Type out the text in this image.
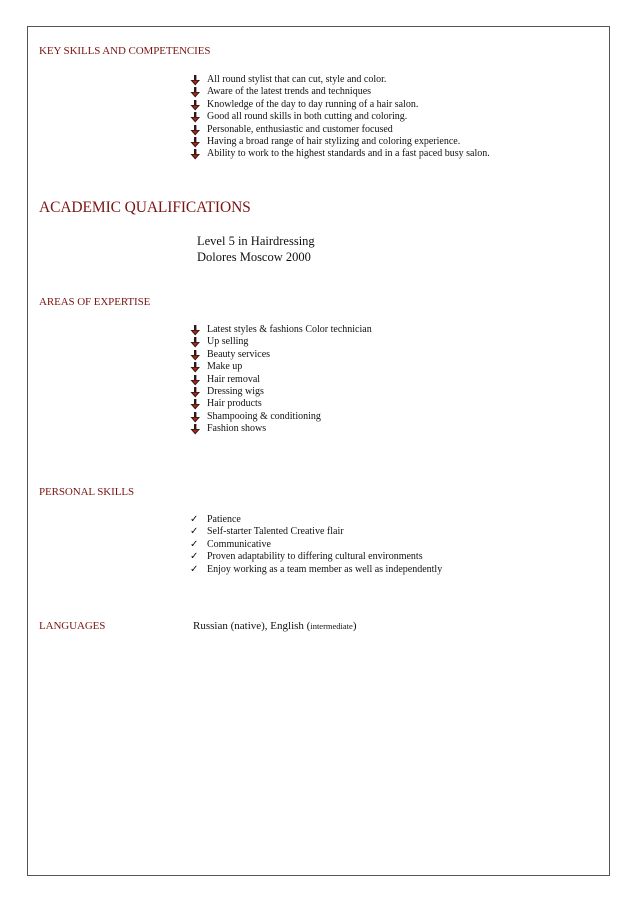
KEY SKILLS AND COMPETENCIES
All round stylist that can cut, style and color.
Aware of the latest trends and techniques
Knowledge of the day to day running of a hair salon.
Good all round skills in both cutting and coloring.
Personable, enthusiastic and customer focused
Having a broad range of hair stylizing and coloring experience.
Ability to work to the highest standards and in a fast paced busy salon.
ACADEMIC QUALIFICATIONS
Level 5 in Hairdressing
Dolores Moscow 2000
AREAS OF EXPERTISE
Latest styles & fashions Color technician
Up selling
Beauty services
Make up
Hair removal
Dressing wigs
Hair products
Shampooing & conditioning
Fashion shows
PERSONAL SKILLS
✓ Patience
✓ Self-starter Talented Creative flair
✓ Communicative
✓ Proven adaptability to differing cultural environments
✓ Enjoy working as a team member as well as independently
LANGUAGES	Russian (native), English (intermediate)
